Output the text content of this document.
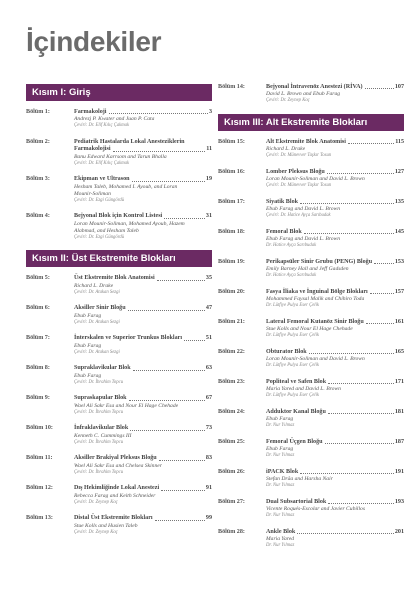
İçindekiler
Kısım I: Giriş
Bölüm 1:	Farmakoloji	3
Andrezj P. Kwater and Juan P. Cata
Çeviri: Dr. Elif Kılıç Çakmak
Bölüm 2:	Pediatrik Hastalarda Lokal Anesteziklerin
Farmakolojisi	11
Banu Edward Karrsom and Tarun Bhalla
Çeviri: Dr. Elif Kılıç Çakmak
Bölüm 3:	Ekipman ve Ultrason	19
Hesham Taleb, Mohamed I. Ayoub, and Loran
Mounir-Soliman
Çeviri: Dr. Ezgi Güngördü
Bölüm 4:	Bejyonal Blok için Kontrol Listesi	31
Loran Mounir-Soliman, Mohamed Ayoub, Hazem
Alabmad, and Hesham Taleb
Çeviri: Dr. Ezgi Güngördü
Kısım II: Üst Ekstremite Blokları
Bölüm 5:	Üst Ekstremite Blok Anatomisi	35
Richard L. Drake
Çeviri: Dr. Atakan Sezgi
Bölüm 6:	Aksiller Sinir Bloğu	47
Ebub Farag
Çeviri: Dr. Atakan Sezgi
Bölüm 7:	İnterskalen ve Superior Trunkus Blokları	51
Ebub Farag
Çeviri: Dr. Atakan Sezgi
Bölüm 8:	Supraklavikular Blok	63
Ebub Farag
Çeviri: Dr. İbrahim Topcu
Bölüm 9:	Supraskapular Blok	67
Wael Ali Sakr Esa and Nour El Hage Chehade
Çeviri: Dr. İbrahim Topcu
Bölüm 10:	İnfraklavikular Blok	73
Kenneth C. Cummings III
Çeviri: Dr. İbrahim Topcu
Bölüm 11:	Aksiller Brakiyal Pleksus Bloğu	83
Wael Ali Sakr Esa and Chelsea Skinner
Çeviri: Dr. İbrahim Topcu
Bölüm 12:	Dış Hekimliğinde Lokal Anestezi	91
Rebecca Farag and Keith Schneider
Çeviri: Dr. Zeynep Koç
Bölüm 13:	Distal Üst Ekstremite Blokları	99
Stue Kolls and Husien Taleb
Çeviri: Dr. Zeynep Koç
Bölüm 14:	Bejyonal İntravenöz Anestezi (RİVA)	107
David L. Brown and Ebub Farag
Çeviri: Dr. Zeynep Koç
Kısım III: Alt Ekstremite Blokları
Bölüm 15:	Alt Ekstremite Blok Anatomisi	115
Richard L. Drake
Çeviri: Dr. Münevver Taşkır Tosun
Bölüm 16:	Lomber Pleksus Bloğu	127
Loran Mounir-Soliman and David L. Brown
Çeviri: Dr. Münevver Taşkır Tosun
Bölüm 17:	Siyatik Blok	135
Ebub Farag and David L. Brown
Çeviri: Dr. Hatice Ayça Sarıbudak
Bölüm 18:	Femoral Blok	145
Ebub Farag and David L. Brown
Dr. Hatice Ayça Sarıbudak
Bölüm 19:	Perikapsüler Sinir Grubu (PENG) Bloğu	153
Emily Barney Hall and Jeff Gadsden
Dr. Hatice Ayça Sarıbudak
Bölüm 20:	Fasya İliaka ve İnguinal Bölge Blokları	157
Mohammed Faysal Malik and Chihiro Toda
Dr. Lütfiye Pulya Eser Çelik
Bölüm 21:	Lateral Femoral Kutanöz Sinir Bloğu	161
Stue Kolls and Nour El Hage Chehade
Dr. Lütfiye Pulya Eser Çelik
Bölüm 22:	Obturator Blok	165
Loran Mounir-Soliman and David L. Brown
Dr. Lütfiye Pulya Eser Çelik
Bölüm 23:	Popliteal ve Safen Blok	171
Maria Yared and David L. Brown
Dr. Lütfiye Pulya Eser Çelik
Bölüm 24:	Adduktor Kanal Bloğu	181
Ebub Farag
Dr. Nur Yılmaz
Bölüm 25:	Femoral Üçgen Bloğu	187
Ebub Farag
Dr. Nur Yılmaz
Bölüm 26:	iPACK Blok	191
Stefan Drăa and Harsha Nair
Dr. Nur Yılmaz
Bölüm 27:	Dual Subsartorial Blok	193
Vicente Roqués-Escolar and Javier Cubillos
Dr. Nur Yılmaz
Bölüm 28:	Ankle Blok	201
Maria Yared
Dr. Nur Yılmaz
